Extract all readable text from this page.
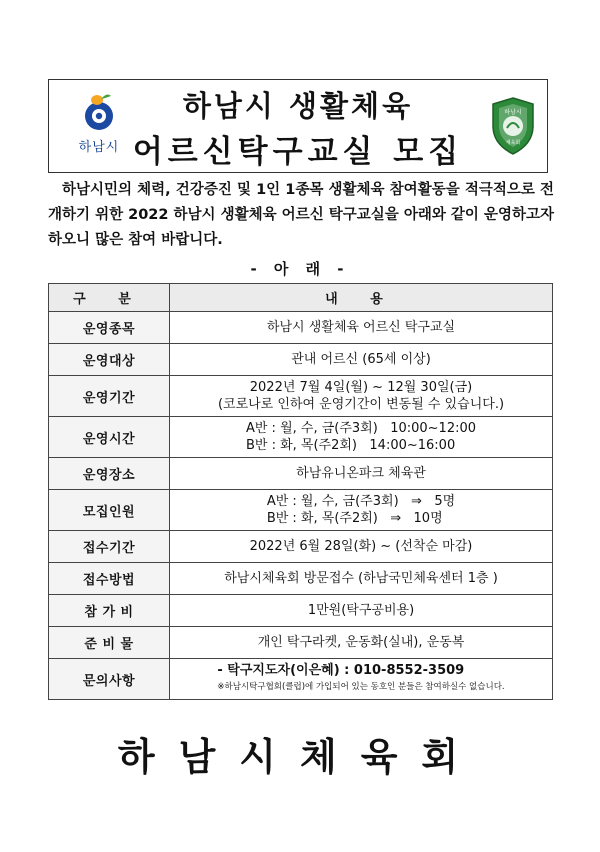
하남시
하남시 생활체육
어르신탁구교실 모집
하남시
체육회

하남시민의 체력, 건강증진 및 1인 1종목 생활체육 참여활동을 적극적으로 전개하기 위한 2022 하남시 생활체육 어르신 탁구교실을 아래와 같이 운영하고자 하오니 많은 참여 바랍니다.

- 아 래 -
구 분	내 용
운영종목	하남시 생활체육 어르신 탁구교실
운영대상	관내 어르신 (65세 이상)
운영기간	2022년 7월 4일(월) ~ 12월 30일(금)
(코로나로 인하여 운영기간이 변동될 수 있습니다.)

운영시간	A반 : 월, 수, 금(주3회)   10:00~12:00
B반 : 화, 목(주2회)   14:00~16:00

운영장소	하남유니온파크 체육관
모집인원	A반 : 월, 수, 금(주3회)   ⇒   5명
B반 : 화, 목(주2회)   ⇒   10명

접수기간	2022년 6월 28일(화) ~ (선착순 마감)
접수방법	하남시체육회 방문접수 (하남국민체육센터 1층 )
참 가 비	1만원(탁구공비용)
준 비 물	개인 탁구라켓, 운동화(실내), 운동복
문의사항	- 탁구지도자(이은혜) : 010-8552-3509
※하남시탁구협회(클럽)에 가입되어 있는 동호인 분들은 참여하실수 없습니다.
하남시체육회
